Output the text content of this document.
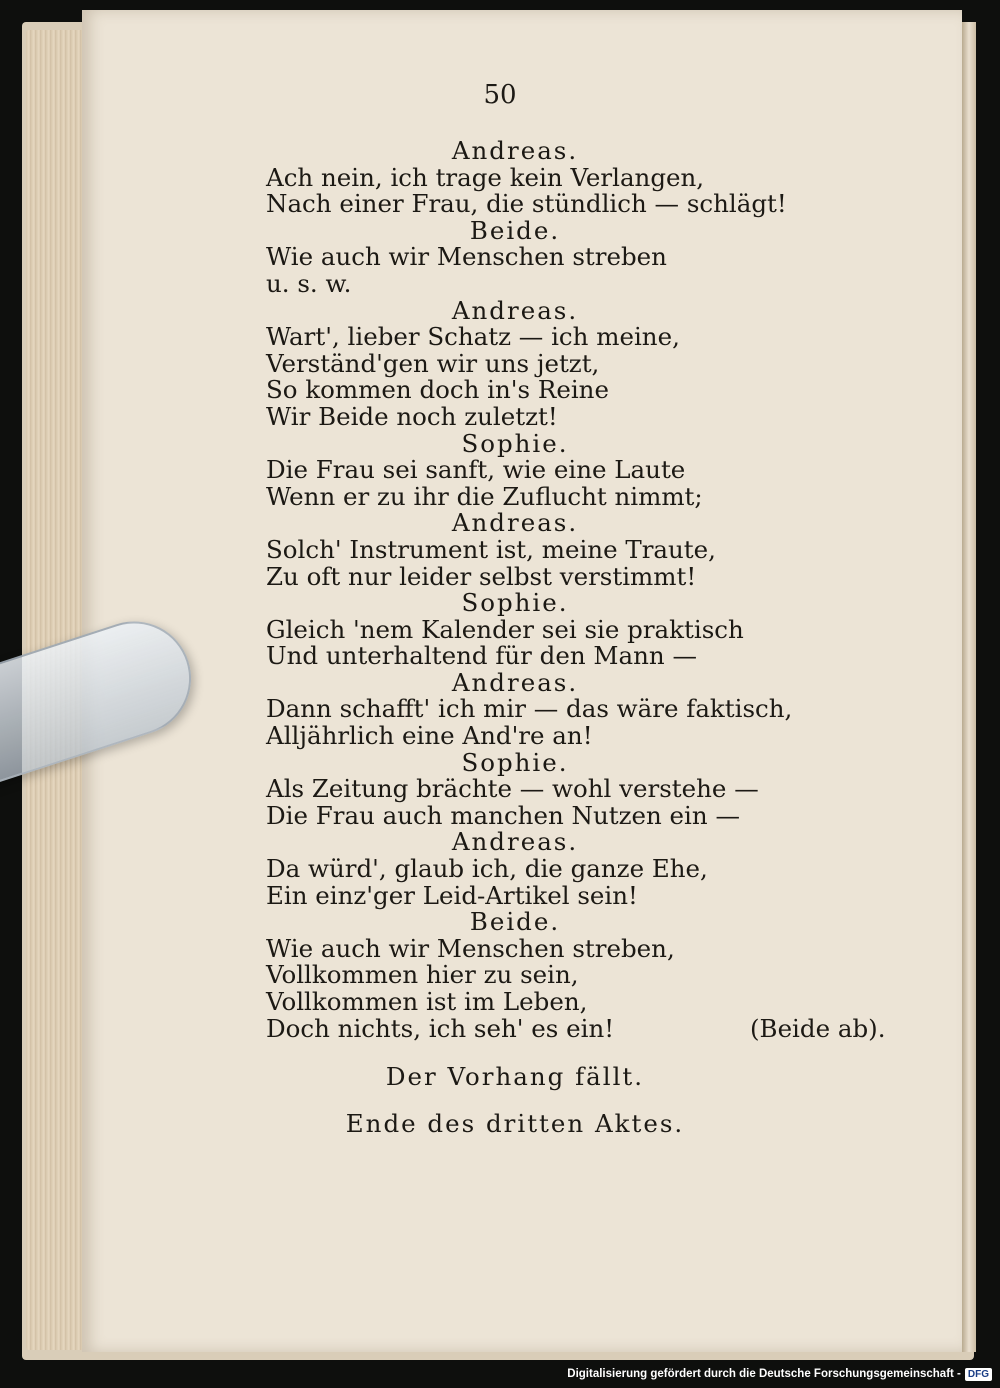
50
Andreas.
Ach nein, ich trage kein Verlangen,
Nach einer Frau, die stündlich — schlägt!
Beide.
Wie auch wir Menschen streben
u. s. w.
Andreas.
Wart', lieber Schatz — ich meine,
Verständ'gen wir uns jetzt,
So kommen doch in's Reine
Wir Beide noch zuletzt!
Sophie.
Die Frau sei sanft, wie eine Laute
Wenn er zu ihr die Zuflucht nimmt;
Andreas.
Solch' Instrument ist, meine Traute,
Zu oft nur leider selbst verstimmt!
Sophie.
Gleich 'nem Kalender sei sie praktisch
Und unterhaltend für den Mann —
Andreas.
Dann schafft' ich mir — das wäre faktisch,
Alljährlich eine And're an!
Sophie.
Als Zeitung brächte — wohl verstehe —
Die Frau auch manchen Nutzen ein —
Andreas.
Da würd', glaub ich, die ganze Ehe,
Ein einz'ger Leid-Artikel sein!
Beide.
Wie auch wir Menschen streben,
Vollkommen hier zu sein,
Vollkommen ist im Leben,
Doch nichts, ich seh' es ein!	(Beide ab).
Der Vorhang fällt.
Ende des dritten Aktes.
Digitalisierung gefördert durch die Deutsche Forschungsgemeinschaft - DFG
